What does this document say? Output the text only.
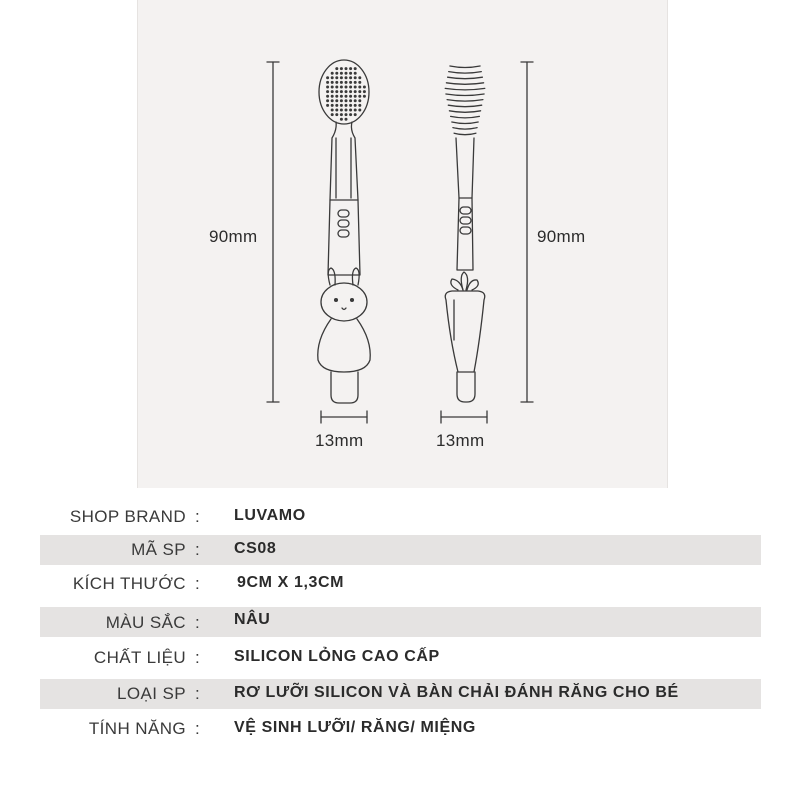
90mm	90mm
13mm	13mm
SHOP BRAND : LUVAMO
MÃ SP : CS08
KÍCH THƯỚC : 9CM X 1,3CM
MÀU SẮC : NÂU
CHẤT LIỆU : SILICON LỎNG CAO CẤP
LOẠI SP : RƠ LƯỠI SILICON VÀ BÀN CHẢI ĐÁNH RĂNG CHO BÉ
TÍNH NĂNG : VỆ SINH LƯỠI/ RĂNG/ MIỆNG
